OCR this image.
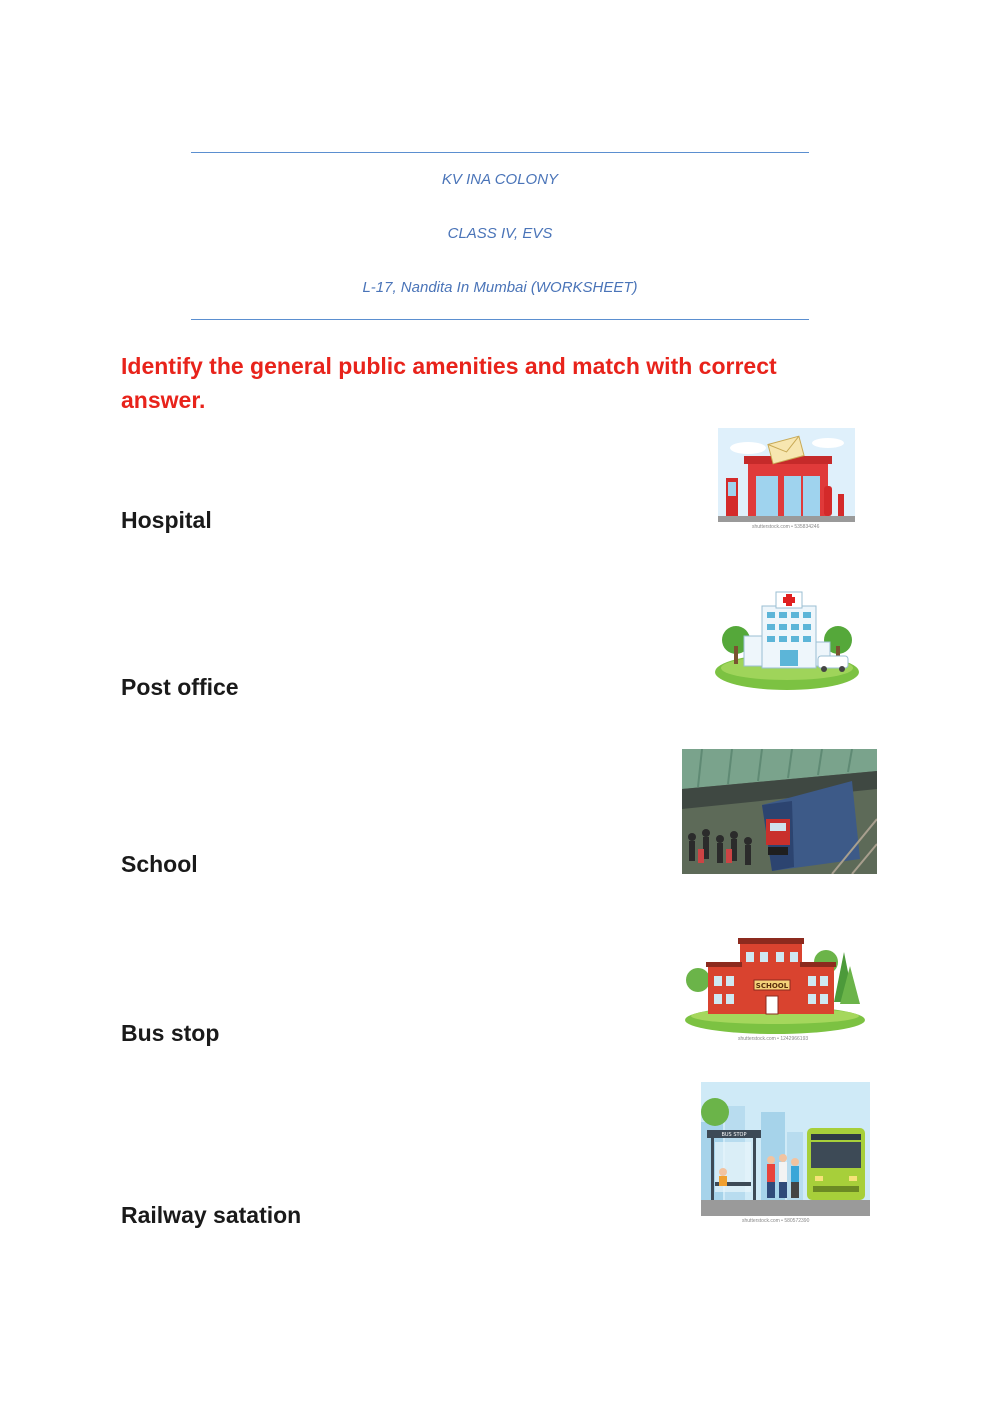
KV INA COLONY
CLASS IV, EVS
L-17, Nandita In Mumbai (WORKSHEET)
Identify the general public amenities and match with correct answer.
Hospital
Post office
School
Bus stop
Railway satation
shutterstock.com • 535834246
SCHOOL
shutterstock.com • 1242966193
BUS STOP
shutterstock.com • 580572390
